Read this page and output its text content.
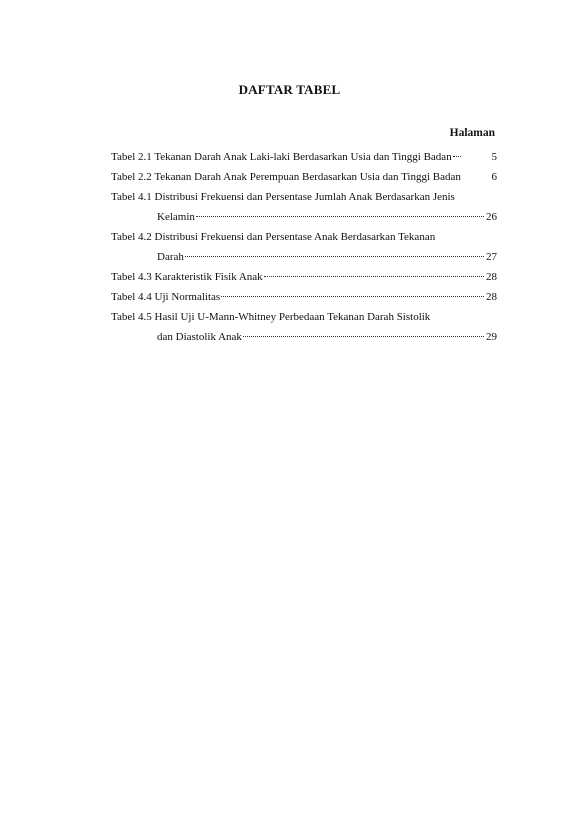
DAFTAR TABEL
Halaman
Tabel 2.1 Tekanan Darah Anak Laki-laki Berdasarkan Usia dan Tinggi Badan	5
Tabel 2.2 Tekanan Darah Anak Perempuan Berdasarkan Usia dan Tinggi Badan	6
Tabel 4.1 Distribusi Frekuensi dan Persentase Jumlah Anak Berdasarkan Jenis
Kelamin	26
Tabel 4.2 Distribusi Frekuensi dan Persentase Anak Berdasarkan Tekanan
Darah	27
Tabel 4.3 Karakteristik Fisik Anak	28
Tabel 4.4 Uji Normalitas	28
Tabel 4.5 Hasil Uji U-Mann-Whitney Perbedaan Tekanan Darah Sistolik
dan Diastolik Anak	29
